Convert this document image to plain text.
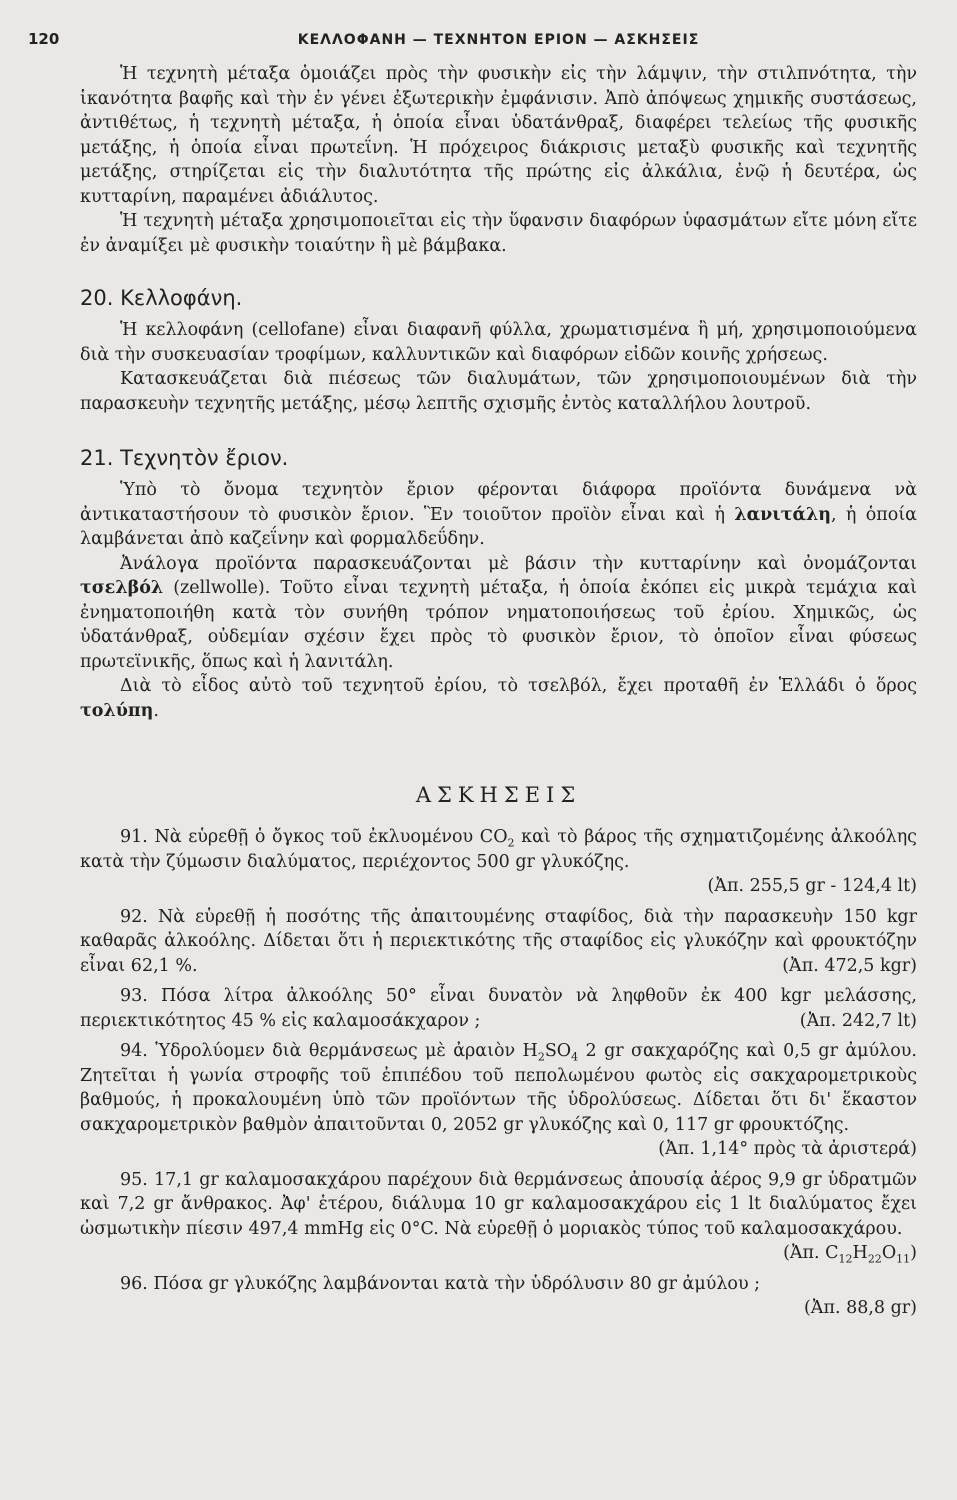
120	ΚΕΛΛΟΦΑΝΗ — ΤΕΧΝΗΤΟΝ ΕΡΙΟΝ — ΑΣΚΗΣΕΙΣ

Ἡ τεχνητὴ μέταξα ὁμοιάζει πρὸς τὴν φυσικὴν εἰς τὴν λάμψιν, τὴν στιλπνότητα, τὴν ἱκανότητα βαφῆς καὶ τὴν ἐν γένει ἐξωτερικὴν ἐμφάνισιν. Ἀπὸ ἀπόψεως χημικῆς συστάσεως, ἀντιθέτως, ἡ τεχνητὴ μέταξα, ἡ ὁποία εἶναι ὑδατάνθραξ, διαφέρει τελείως τῆς φυσικῆς μετάξης, ἡ ὁποία εἶναι πρωτεΐνη. Ἡ πρόχειρος διάκρισις μεταξὺ φυσικῆς καὶ τεχνητῆς μετάξης, στηρίζεται εἰς τὴν διαλυτότητα τῆς πρώτης εἰς ἀλκάλια, ἐνῷ ἡ δευτέρα, ὡς κυτταρίνη, παραμένει ἀδιάλυτος.

Ἡ τεχνητὴ μέταξα χρησιμοποιεῖται εἰς τὴν ὕφανσιν διαφόρων ὑφασμάτων εἴτε μόνη εἴτε ἐν ἀναμίξει μὲ φυσικὴν τοιαύτην ἢ μὲ βάμβακα.

20. Κελλοφάνη.

Ἡ κελλοφάνη (cellofane) εἶναι διαφανῆ φύλλα, χρωματισμένα ἢ μή, χρησιμοποιούμενα διὰ τὴν συσκευασίαν τροφίμων, καλλυντικῶν καὶ διαφόρων εἰδῶν κοινῆς χρήσεως.

Κατασκευάζεται διὰ πιέσεως τῶν διαλυμάτων, τῶν χρησιμοποιουμένων διὰ τὴν παρασκευὴν τεχνητῆς μετάξης, μέσῳ λεπτῆς σχισμῆς ἐντὸς καταλλήλου λουτροῦ.

21. Τεχνητὸν ἔριον.

Ὑπὸ τὸ ὄνομα τεχνητὸν ἔριον φέρονται διάφορα προϊόντα δυνάμενα νὰ ἀντικαταστήσουν τὸ φυσικὸν ἔριον. Ἓν τοιοῦτον προϊὸν εἶναι καὶ ἡ λανιτάλη, ἡ ὁποία λαμβάνεται ἀπὸ καζεΐνην καὶ φορμαλδεΰδην.

Ἀνάλογα προϊόντα παρασκευάζονται μὲ βάσιν τὴν κυτταρίνην καὶ ὀνομάζονται τσελβόλ (zellwolle). Τοῦτο εἶναι τεχνητὴ μέταξα, ἡ ὁποία ἐκόπει εἰς μικρὰ τεμάχια καὶ ἐνηματοποιήθη κατὰ τὸν συνήθη τρόπον νηματοποιήσεως τοῦ ἐρίου. Χημικῶς, ὡς ὑδατάνθραξ, οὐδεμίαν σχέσιν ἔχει πρὸς τὸ φυσικὸν ἔριον, τὸ ὁποῖον εἶναι φύσεως πρωτεϊνικῆς, ὅπως καὶ ἡ λανιτάλη.

Διὰ τὸ εἶδος αὐτὸ τοῦ τεχνητοῦ ἐρίου, τὸ τσελβόλ, ἔχει προταθῆ ἐν Ἑλλάδι ὁ ὅρος τολύπη.

ΑΣΚΗΣΕΙΣ

91. Νὰ εὑρεθῇ ὁ ὄγκος τοῦ ἐκλυομένου $CO_2$ καὶ τὸ βάρος τῆς σχηματιζομένης ἀλκοόλης κατὰ τὴν ζύμωσιν διαλύματος, περιέχοντος 500 gr γλυκόζης.

(Ἀπ. 255,5 gr - 124,4 lt)

92. Νὰ εὑρεθῇ ἡ ποσότης τῆς ἀπαιτουμένης σταφίδος, διὰ τὴν παρασκευὴν 150 kgr καθαρᾶς ἀλκοόλης. Δίδεται ὅτι ἡ περιεκτικότης τῆς σταφίδος εἰς γλυκόζην καὶ φρουκτόζην εἶναι 62,1 %.	(Ἀπ. 472,5 kgr)

93. Πόσα λίτρα ἀλκοόλης 50° εἶναι δυνατὸν νὰ ληφθοῦν ἐκ 400 kgr μελάσσης, περιεκτικότητος 45 % εἰς καλαμοσάκχαρον ;	(Ἀπ. 242,7 lt)

94. Ὑδρολύομεν διὰ θερμάνσεως μὲ ἀραιὸν $H_2SO_4$ 2 gr σακχαρόζης καὶ 0,5 gr ἀμύλου. Ζητεῖται ἡ γωνία στροφῆς τοῦ ἐπιπέδου τοῦ πεπολωμένου φωτὸς εἰς σακχαρομετρικοὺς βαθμούς, ἡ προκαλουμένη ὑπὸ τῶν προϊόντων τῆς ὑδρολύσεως. Δίδεται ὅτι δι' ἕκαστον σακχαρομετρικὸν βαθμὸν ἀπαιτοῦνται 0, 2052 gr γλυκόζης καὶ 0, 117 gr φρουκτόζης.
(Ἀπ. 1,14° πρὸς τὰ ἀριστερά)

95. 17,1 gr καλαμοσακχάρου παρέχουν διὰ θερμάνσεως ἀπουσίᾳ ἀέρος 9,9 gr ὑδρατμῶν καὶ 7,2 gr ἄνθρακος. Ἀφ' ἑτέρου, διάλυμα 10 gr καλαμοσακχάρου εἰς 1 lt διαλύματος ἔχει ὠσμωτικὴν πίεσιν 497,4 mmHg εἰς 0°C. Νὰ εὑρεθῇ ὁ μοριακὸς τύπος τοῦ καλαμοσακχάρου.
(Ἀπ. $C_{12}H_{22}O_{11}$)

96. Πόσα gr γλυκόζης λαμβάνονται κατὰ τὴν ὑδρόλυσιν 80 gr ἀμύλου ;

(Ἀπ. 88,8 gr)
